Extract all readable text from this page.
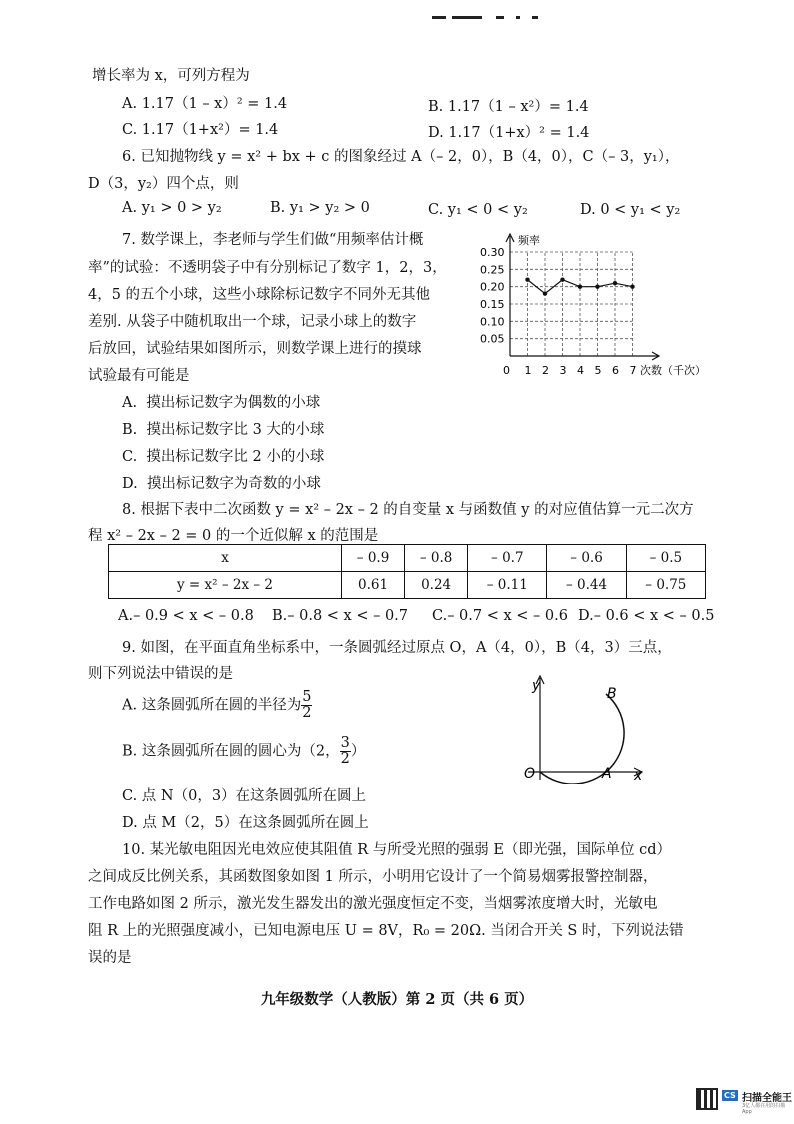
增长率为 x，可列方程为
A. 1.17（1 – x）² = 1.4	B. 1.17（1 – x²）= 1.4
C. 1.17（1+x²）= 1.4	D. 1.17（1+x）² = 1.4
6. 已知抛物线 y = x² + bx + c 的图象经过 A（– 2，0），B（4，0），C（– 3，y₁），
D（3，y₂）四个点，则
A. y₁ > 0 > y₂	B. y₁ > y₂ > 0	C. y₁ < 0 < y₂	D. 0 < y₁ < y₂
7. 数学课上，李老师与学生们做“用频率估计概
率”的试验：不透明袋子中有分别标记了数字 1，2，3，
4，5 的五个小球，这些小球除标记数字不同外无其他
差别. 从袋子中随机取出一个球，记录小球上的数字
后放回，试验结果如图所示，则数学课上进行的摸球
试验最有可能是
A. 摸出标记数字为偶数的小球
B. 摸出标记数字比 3 大的小球
C. 摸出标记数字比 2 小的小球
D. 摸出标记数字为奇数的小球
0.05
0.10
0.15
0.20
0.25
0.30
0 1 2 3 4 5 6 7
频率
次数（千次）
8. 根据下表中二次函数 y = x² – 2x – 2 的自变量 x 与函数值 y 的对应值估算一元二次方
程 x² – 2x – 2 = 0 的一个近似解 x 的范围是
x	– 0.9	– 0.8	– 0.7	– 0.6	– 0.5
y = x² – 2x – 2	0.61	0.24	– 0.11	– 0.44	– 0.75
A.– 0.9 < x < – 0.8 B.– 0.8 < x < – 0.7 C.– 0.7 < x < – 0.6 D.– 0.6 < x < – 0.5
9. 如图，在平面直角坐标系中，一条圆弧经过原点 O，A（4，0），B（4，3）三点，
则下列说法中错误的是
A. 这条圆弧所在圆的半径为 $\frac{5}{2}$
B. 这条圆弧所在圆的圆心为（2， $\frac{3}{2}$ ）
C. 点 N（0，3）在这条圆弧所在圆上
D. 点 M（2，5）在这条圆弧所在圆上
y
x
O	A
B
10. 某光敏电阻因光电效应使其阻值 R 与所受光照的强弱 E（即光强，国际单位 cd）
之间成反比例关系，其函数图象如图 1 所示，小明用它设计了一个简易烟雾报警控制器，
工作电路如图 2 所示，激光发生器发出的激光强度恒定不变，当烟雾浓度增大时，光敏电
阻 R 上的光照强度减小，已知电源电压 U = 8V，R₀ = 20Ω. 当闭合开关 S 时，下列说法错
误的是
九年级数学（人教版）第 2 页（共 6 页）
CS 扫描全能王
3亿人都在用的扫描App
